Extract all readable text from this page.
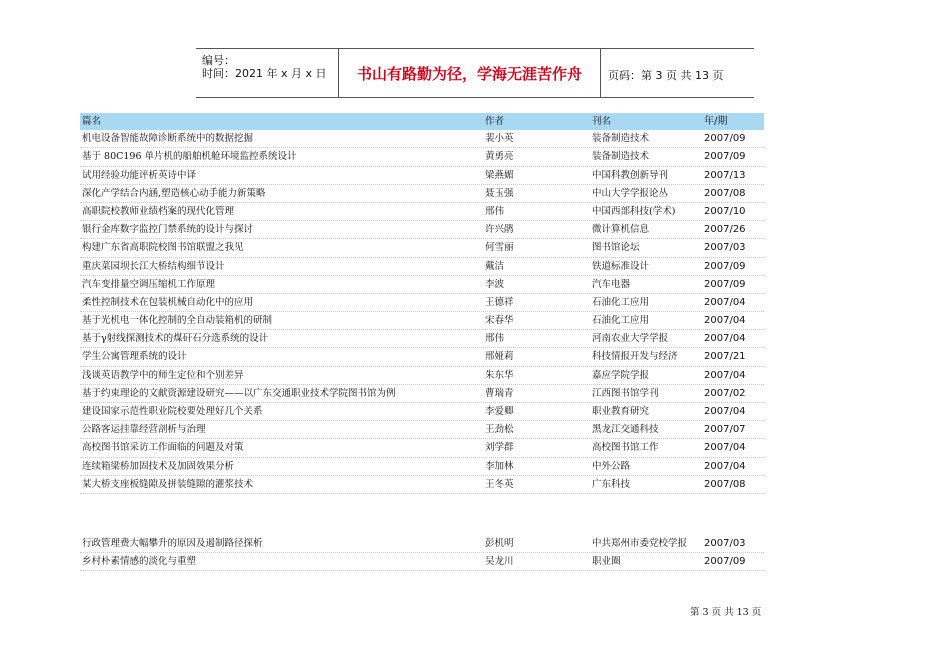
编号：
时间：2021 年 x 月 x 日	书山有路勤为径，学海无涯苦作舟	页码：第 3 页 共 13 页
篇名	作者	刊名	年/期
机电设备智能故障诊断系统中的数据挖掘	裴小英	装备制造技术	2007/09
基于 80C196 单片机的船舶机舱环境监控系统设计	黄勇亮	装备制造技术	2007/09
试用经验功能评析英诗中译	梁燕媚	中国科教创新导刊	2007/13
深化产学结合内涵,塑造核心动手能力新策略	聂玉强	中山大学学报论丛	2007/08
高职院校教师业绩档案的现代化管理	邢伟	中国西部科技(学术)	2007/10
银行金库数字监控门禁系统的设计与探讨	许兴鹃	微计算机信息	2007/26
构建广东省高职院校图书馆联盟之我见	何雪丽	图书馆论坛	2007/03
重庆菜园坝长江大桥结构细节设计	戴洁	铁道标准设计	2007/09
汽车变排量空调压缩机工作原理	李波	汽车电器	2007/09
柔性控制技术在包装机械自动化中的应用	王德祥	石油化工应用	2007/04
基于光机电一体化控制的全自动装箱机的研制	宋春华	石油化工应用	2007/04
基于γ射线探测技术的煤矸石分选系统的设计	邢伟	河南农业大学学报	2007/04
学生公寓管理系统的设计	邢娅莉	科技情报开发与经济	2007/21
浅谈英语教学中的师生定位和个别差异	朱东华	嘉应学院学报	2007/04
基于约束理论的文献资源建设研究——以广东交通职业技术学院图书馆为例	曹瑞青	江西图书馆学刊	2007/02
建设国家示范性职业院校要处理好几个关系	李爱卿	职业教育研究	2007/04
公路客运挂靠经营剖析与治理	王劲松	黑龙江交通科技	2007/07
高校图书馆采访工作面临的问题及对策	刘学群	高校图书馆工作	2007/04
连续箱梁桥加固技术及加固效果分析	李加林	中外公路	2007/04
某大桥支座板缝隙及拼装缝隙的灌浆技术	王冬英	广东科技	2007/08
行政管理费大幅攀升的原因及遏制路径探析	彭机明	中共郑州市委党校学报	2007/03
乡村朴素情感的淡化与重塑	吴龙川	职业圈	2007/09
第 3 页 共 13 页
